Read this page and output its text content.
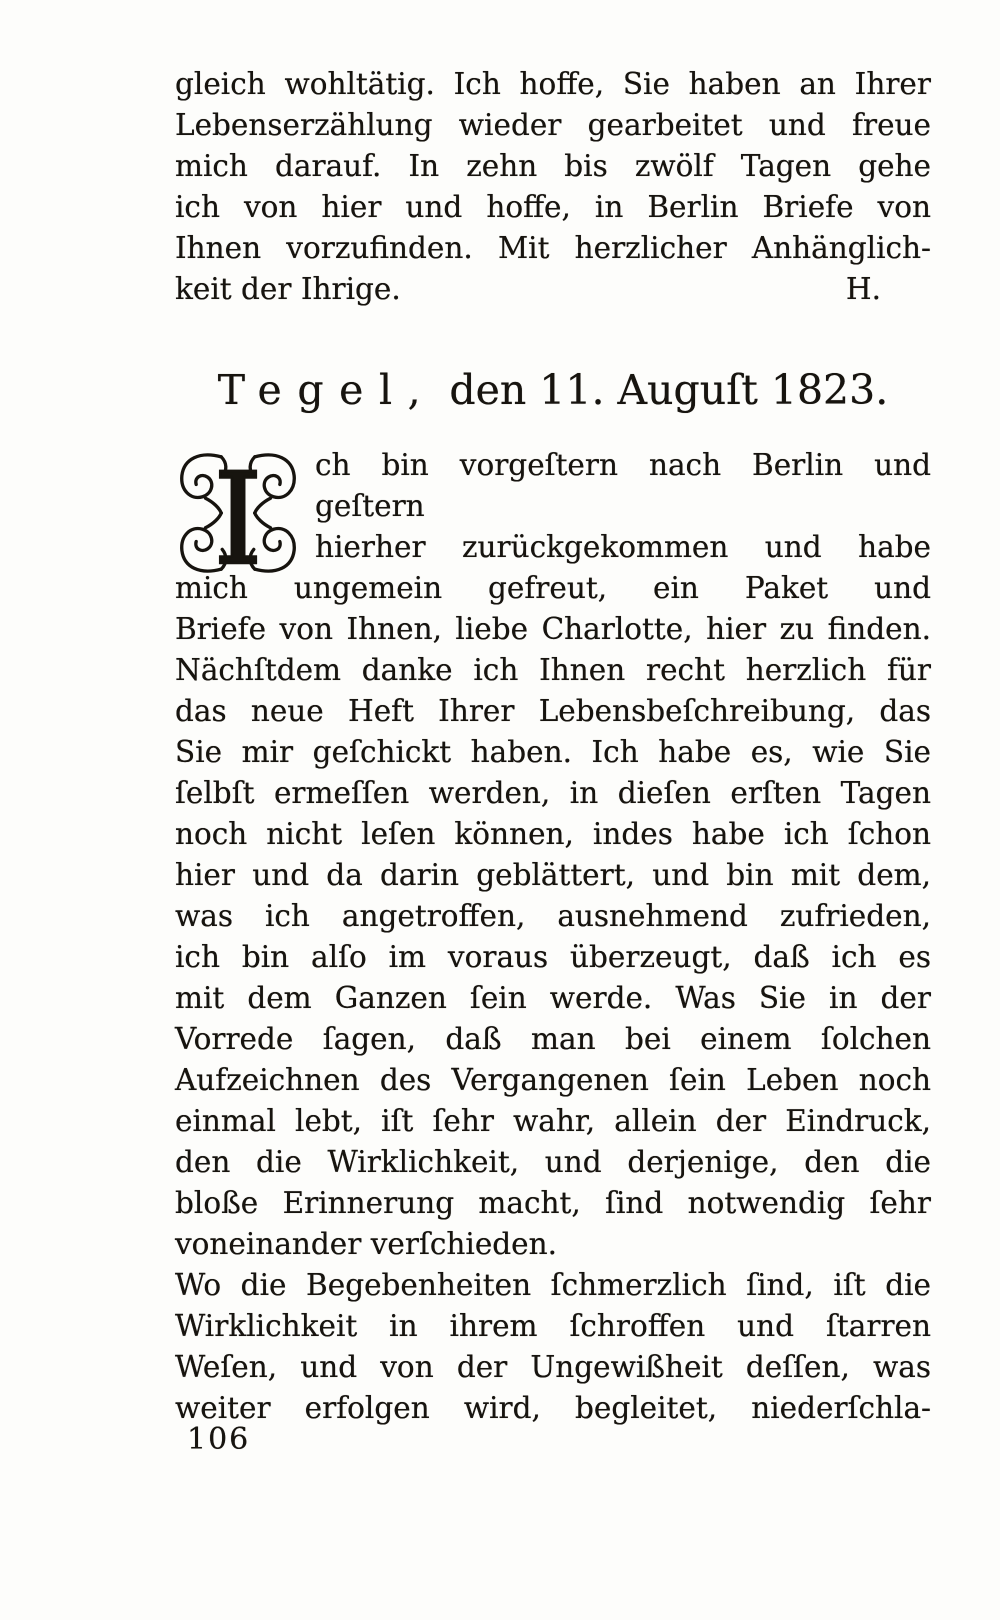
gleich wohltätig. Ich hoffe, Sie haben an Ihrer
Lebenserzählung wieder gearbeitet und freue
mich darauf. In zehn bis zwölf Tagen gehe
ich von hier und hoffe, in Berlin Briefe von
Ihnen vorzufinden. Mit herzlicher Anhänglich-
keit der Ihrige.	H.
Tegel, den 11. Auguſt 1823.
I	ch bin vorgeſtern nach Berlin und geſtern
hierher zurückgekommen und habe
mich ungemein gefreut, ein Paket und
Briefe von Ihnen, liebe Charlotte, hier zu finden.
Nächſtdem danke ich Ihnen recht herzlich für
das neue Heft Ihrer Lebensbeſchreibung, das
Sie mir geſchickt haben. Ich habe es, wie Sie
ſelbſt ermeſſen werden, in dieſen erſten Tagen
noch nicht leſen können, indes habe ich ſchon
hier und da darin geblättert, und bin mit dem,
was ich angetroffen, ausnehmend zufrieden,
ich bin alſo im voraus überzeugt, daß ich es
mit dem Ganzen ſein werde. Was Sie in der
Vorrede ſagen, daß man bei einem ſolchen
Aufzeichnen des Vergangenen ſein Leben noch
einmal lebt, iſt ſehr wahr, allein der Eindruck,
den die Wirklichkeit, und derjenige, den die
bloße Erinnerung macht, ſind notwendig ſehr
voneinander verſchieden.
Wo die Begebenheiten ſchmerzlich ſind, iſt die
Wirklichkeit in ihrem ſchroffen und ſtarren
Weſen, und von der Ungewißheit deſſen, was
weiter erfolgen wird, begleitet, niederſchla-
106
